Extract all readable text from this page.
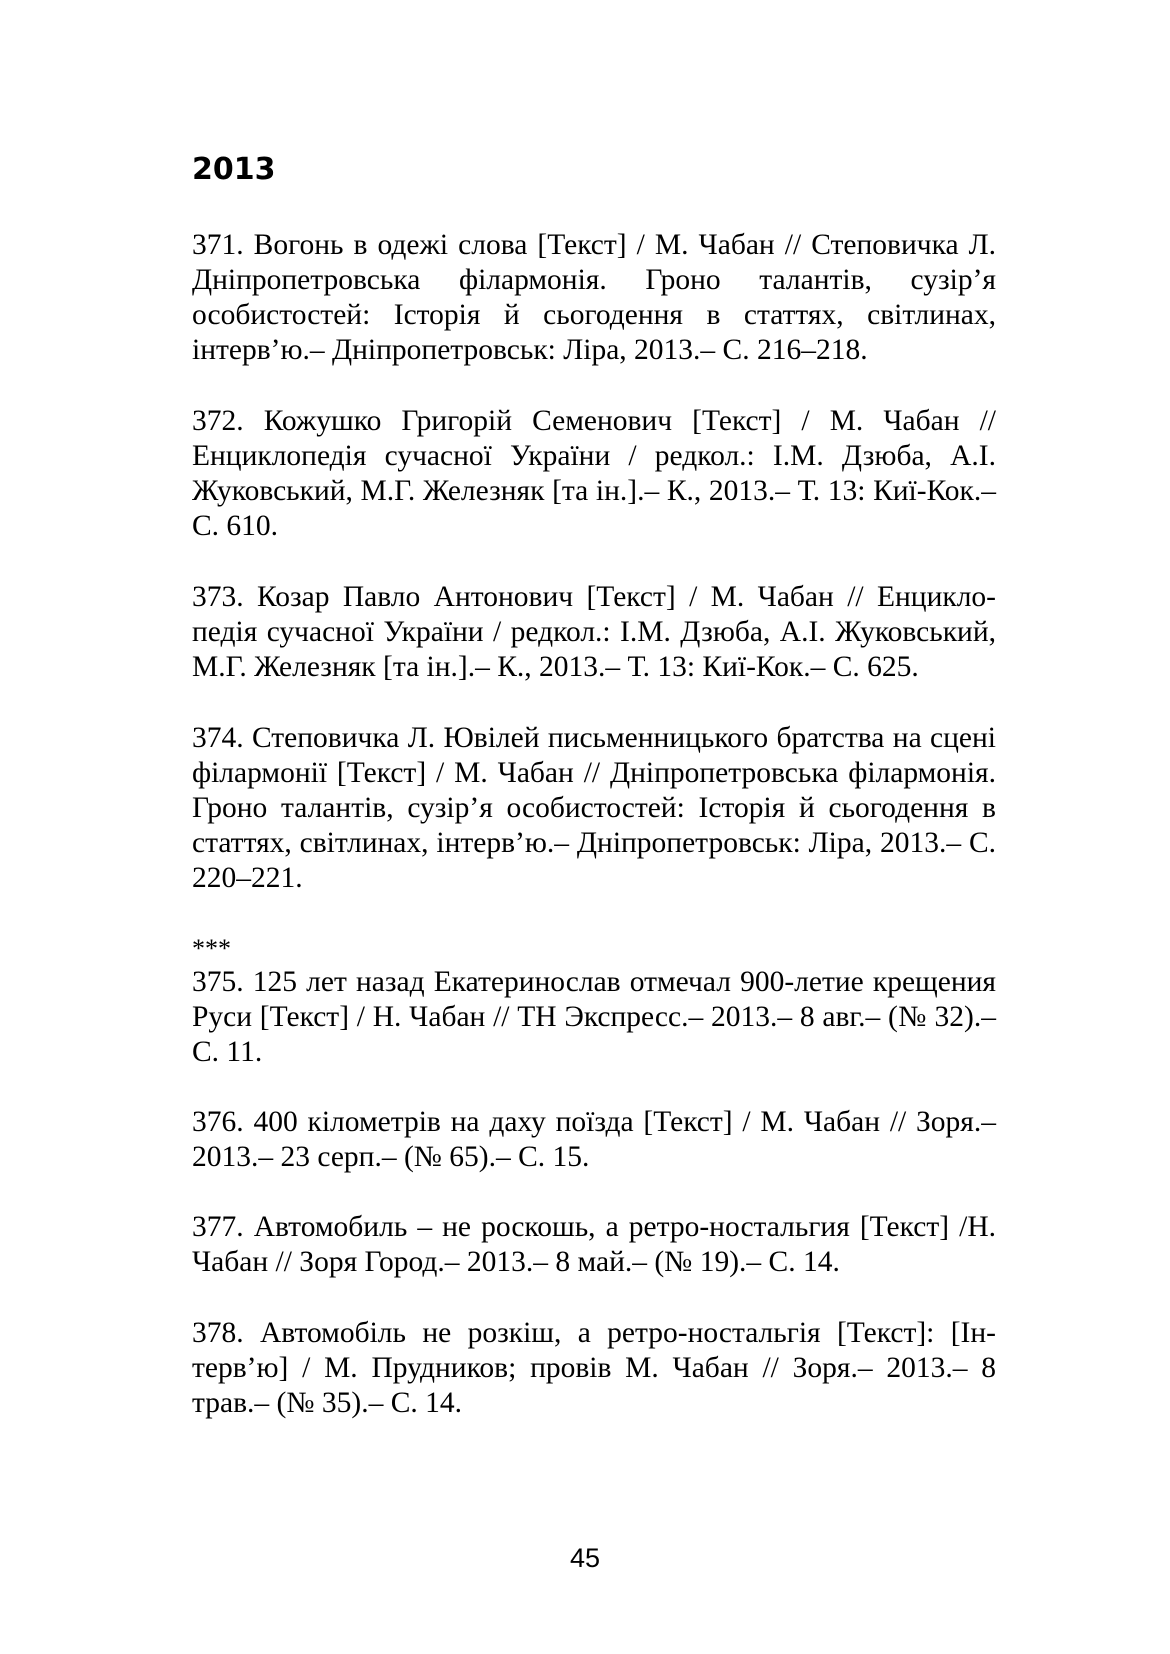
2013

371. Вогонь в одежі слова [Текст] / М. Чабан // Степовичка Л. Дніпропетровська філармонія. Гроно талантів, сузір’я особистостей: Історія й сьогодення в статтях, світлинах, інтерв’ю.– Дніпропетровськ: Ліра, 2013.– С. 216–218.

372. Кожушко Григорій Семенович [Текст] / М. Чабан // Енциклопедія сучасної України / редкол.: І.М. Дзюба, А.І. Жуковський, М.Г. Железняк [та ін.].– К., 2013.– Т. 13: Киї-Кок.– С. 610.

373. Козар Павло Антонович [Текст] / М. Чабан // Енциклопедія сучасної України / редкол.: І.М. Дзюба, А.І. Жуковський, М.Г. Железняк [та ін.].– К., 2013.– Т. 13: Киї-Кок.– С. 625.

374. Степовичка Л. Ювілей письменницького братства на сцені філармонії [Текст] / М. Чабан // Дніпропетровська філармонія. Гроно талантів, сузір’я особистостей: Історія й сьогодення в статтях, світлинах, інтерв’ю.– Дніпропетровськ: Ліра, 2013.– С. 220–221.

***

375. 125 лет назад Екатеринослав отмечал 900-летие крещения Руси [Текст] / Н. Чабан // ТН Экспресс.– 2013.– 8 авг.– (№ 32).– С. 11.

376. 400 кілометрів на даху поїзда [Текст] / М. Чабан // Зоря.– 2013.– 23 серп.– (№ 65).– С. 15.

377. Автомобиль – не роскошь, а ретро-ностальгия [Текст] /Н. Чабан // Зоря Город.– 2013.– 8 май.– (№ 19).– С. 14.

378. Автомобіль не розкіш, а ретро-ностальгія [Текст]: [Інтерв’ю] / М. Прудников; провів М. Чабан // Зоря.– 2013.– 8 трав.– (№ 35).– С. 14.

45
